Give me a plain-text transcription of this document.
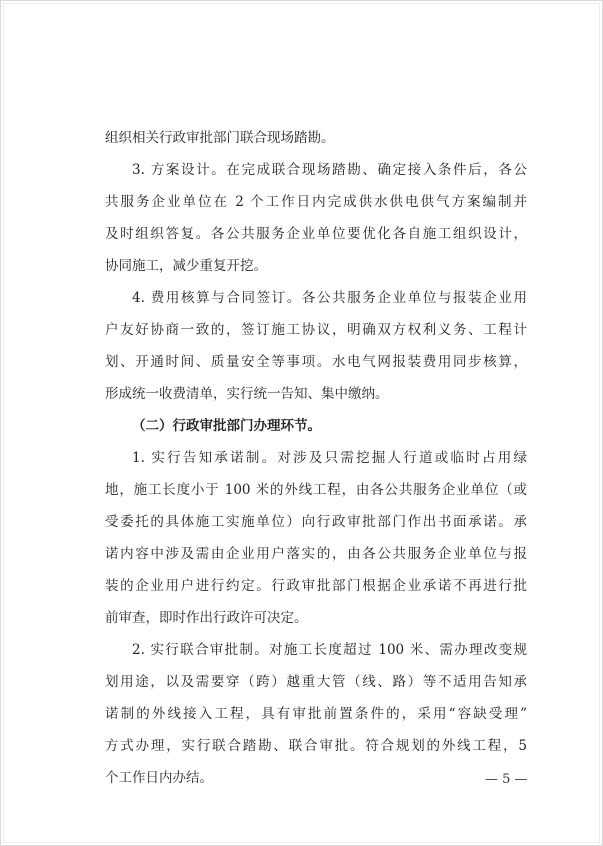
组织相关行政审批部门联合现场踏勘。
3. 方案设计。在完成联合现场踏勘、确定接入条件后，各公
共服务企业单位在 2 个工作日内完成供水供电供气方案编制并
及时组织答复。各公共服务企业单位要优化各自施工组织设计，
协同施工，减少重复开挖。
4. 费用核算与合同签订。各公共服务企业单位与报装企业用
户友好协商一致的，签订施工协议，明确双方权利义务、工程计
划、开通时间、质量安全等事项。水电气网报装费用同步核算，
形成统一收费清单，实行统一告知、集中缴纳。
（二）行政审批部门办理环节。
1. 实行告知承诺制。对涉及只需挖掘人行道或临时占用绿
地，施工长度小于 100 米的外线工程，由各公共服务企业单位（或
受委托的具体施工实施单位）向行政审批部门作出书面承诺。承
诺内容中涉及需由企业用户落实的，由各公共服务企业单位与报
装的企业用户进行约定。行政审批部门根据企业承诺不再进行批
前审查，即时作出行政许可决定。
2. 实行联合审批制。对施工长度超过 100 米、需办理改变规
划用途，以及需要穿（跨）越重大管（线、路）等不适用告知承
诺制的外线接入工程，具有审批前置条件的，采用“容缺受理”
方式办理，实行联合踏勘、联合审批。符合规划的外线工程，5
个工作日内办结。	— 5 —
